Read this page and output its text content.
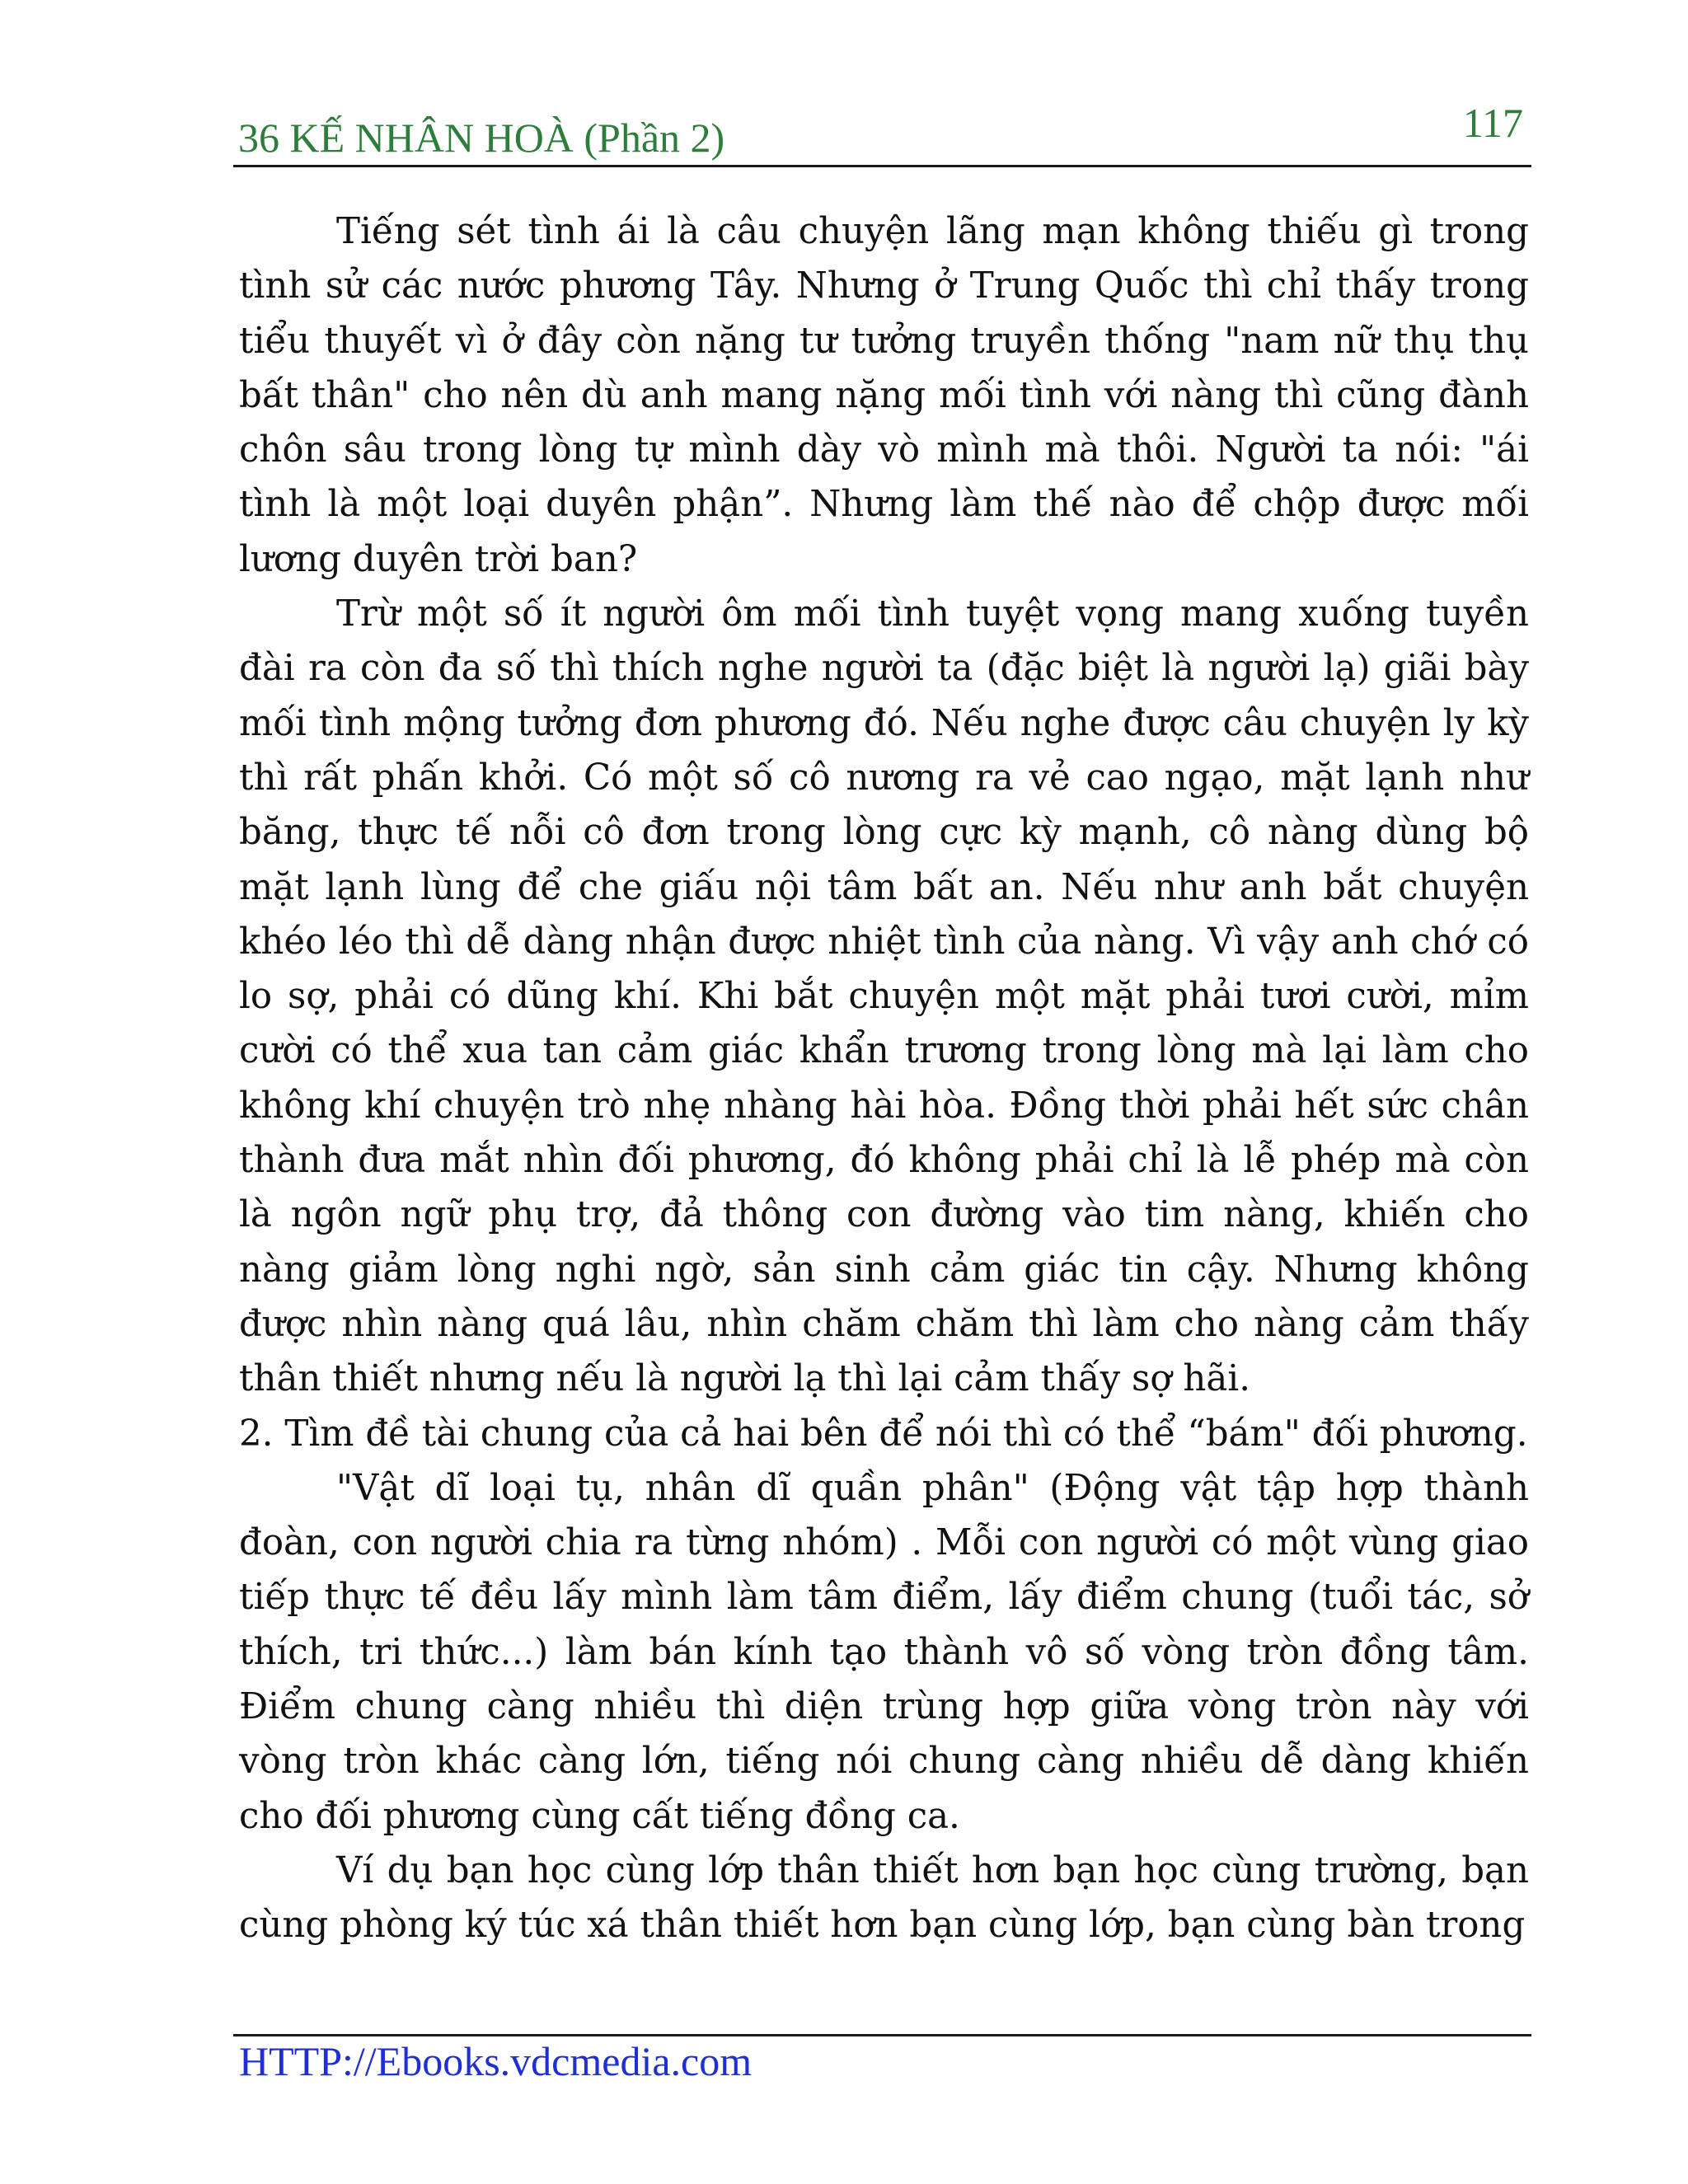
36 KẾ NHÂN HOÀ (Phần 2)	117

Tiếng sét tình ái là câu chuyện lãng mạn không thiếu gì trong tình sử các nước phương Tây. Nhưng ở Trung Quốc thì chỉ thấy trong tiểu thuyết vì ở đây còn nặng tư tưởng truyền thống "nam nữ thụ thụ bất thân" cho nên dù anh mang nặng mối tình với nàng thì cũng đành chôn sâu trong lòng tự mình dày vò mình mà thôi. Người ta nói: "ái tình là một loại duyên phận”. Nhưng làm thế nào để chộp được mối lương duyên trời ban?

Trừ một số ít người ôm mối tình tuyệt vọng mang xuống tuyền đài ra còn đa số thì thích nghe người ta (đặc biệt là người lạ) giãi bày mối tình mộng tưởng đơn phương đó. Nếu nghe được câu chuyện ly kỳ thì rất phấn khởi. Có một số cô nương ra vẻ cao ngạo, mặt lạnh như băng, thực tế nỗi cô đơn trong lòng cực kỳ mạnh, cô nàng dùng bộ mặt lạnh lùng để che giấu nội tâm bất an. Nếu như anh bắt chuyện khéo léo thì dễ dàng nhận được nhiệt tình của nàng. Vì vậy anh chớ có lo sợ, phải có dũng khí. Khi bắt chuyện một mặt phải tươi cười, mỉm cười có thể xua tan cảm giác khẩn trương trong lòng mà lại làm cho không khí chuyện trò nhẹ nhàng hài hòa. Đồng thời phải hết sức chân thành đưa mắt nhìn đối phương, đó không phải chỉ là lễ phép mà còn là ngôn ngữ phụ trợ, đả thông con đường vào tim nàng, khiến cho nàng giảm lòng nghi ngờ, sản sinh cảm giác tin cậy. Nhưng không được nhìn nàng quá lâu, nhìn chăm chăm thì làm cho nàng cảm thấy thân thiết nhưng nếu là người lạ thì lại cảm thấy sợ hãi.

2. Tìm đề tài chung của cả hai bên để nói thì có thể “bám" đối phương.

"Vật dĩ loại tụ, nhân dĩ quần phân" (Động vật tập hợp thành đoàn, con người chia ra từng nhóm) . Mỗi con người có một vùng giao tiếp thực tế đều lấy mình làm tâm điểm, lấy điểm chung (tuổi tác, sở thích, tri thức...) làm bán kính tạo thành vô số vòng tròn đồng tâm. Điểm chung càng nhiều thì diện trùng hợp giữa vòng tròn này với vòng tròn khác càng lớn, tiếng nói chung càng nhiều dễ dàng khiến cho đối phương cùng cất tiếng đồng ca.

Ví dụ bạn học cùng lớp thân thiết hơn bạn học cùng trường, bạn cùng phòng ký túc xá thân thiết hơn bạn cùng lớp, bạn cùng bàn trong

HTTP://Ebooks.vdcmedia.com
